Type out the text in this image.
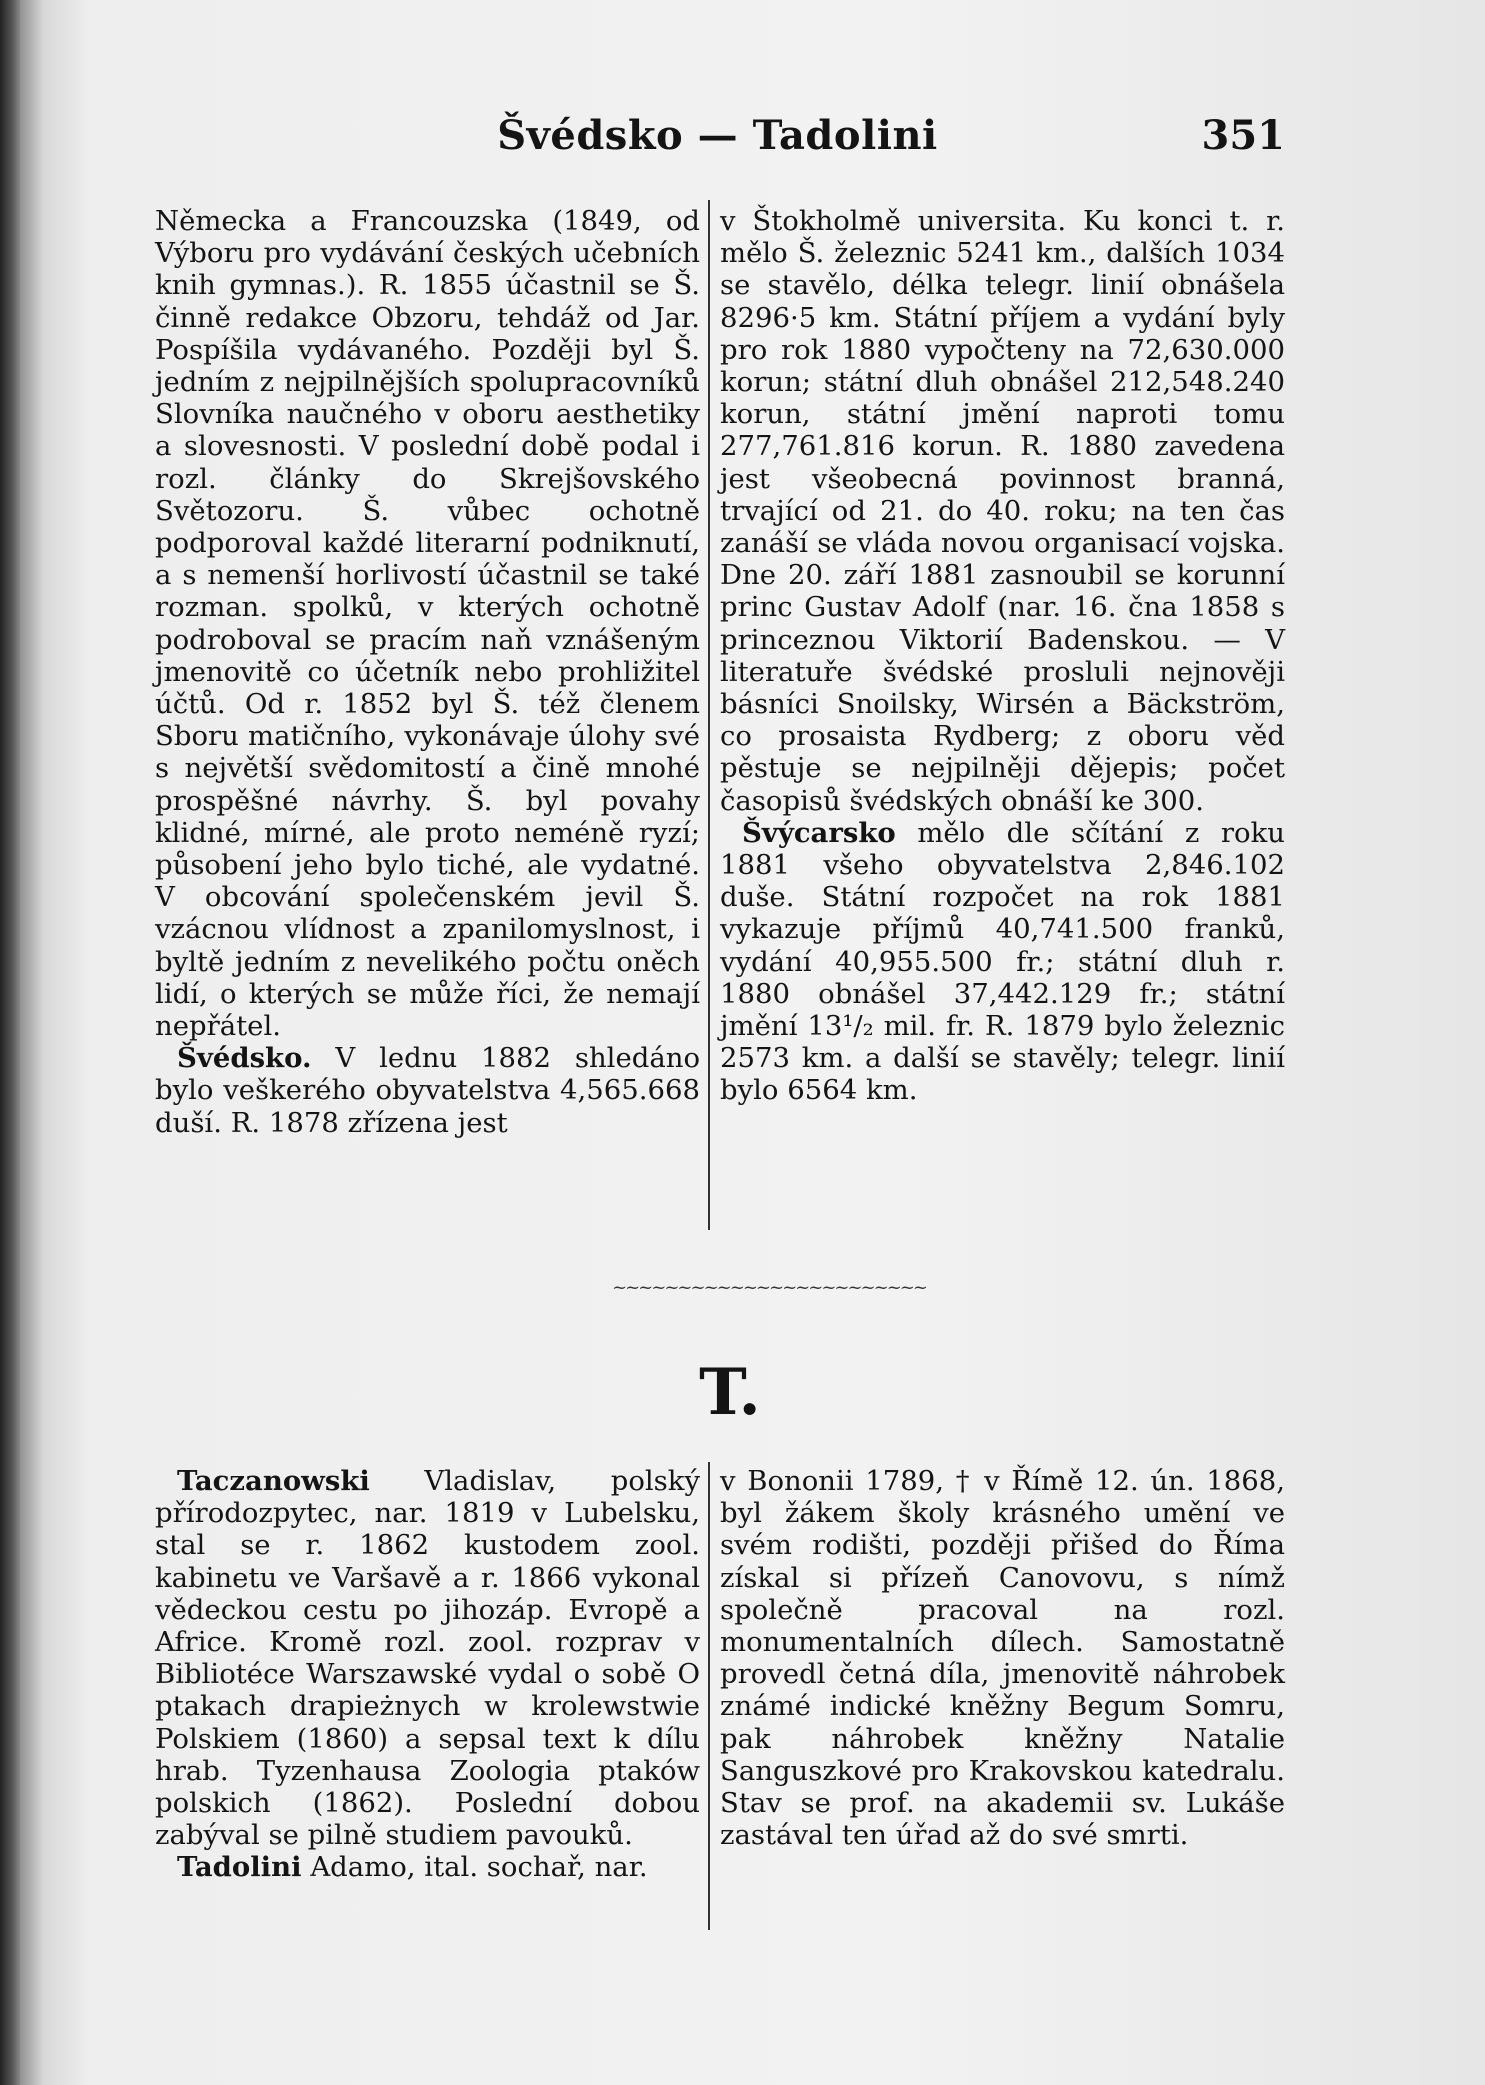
Švédsko — Tadolini	351

Německa a Francouzska (1849, od Výboru pro vydávání českých učebních knih gymnas.). R. 1855 účastnil se Š. činně redakce Obzoru, tehdáž od Jar. Pospíšila vydávaného. Později byl Š. jedním z nejpilnějších spolupracovníků Slovníka naučného v oboru aesthetiky a slovesnosti. V poslední době podal i rozl. články do Skrejšovského Světozoru. Š. vůbec ochotně podporoval každé literarní podniknutí, a s nemenší horlivostí účastnil se také rozman. spolků, v kterých ochotně podroboval se pracím naň vznášeným jmenovitě co účetník nebo prohližitel účtů. Od r. 1852 byl Š. též členem Sboru matičního, vykonávaje úlohy své s největší svědomitostí a čině mnohé prospěšné návrhy. Š. byl povahy klidné, mírné, ale proto neméně ryzí; působení jeho bylo tiché, ale vydatné. V obcování společenském jevil Š. vzácnou vlídnost a zpanilomyslnost, i byltě jedním z nevelikého počtu oněch lidí, o kterých se může říci, že nemají nepřátel.

Švédsko. V lednu 1882 shledáno bylo veškerého obyvatelstva 4,565.668 duší. R. 1878 zřízena jest

v Štokholmě universita. Ku konci t. r. mělo Š. železnic 5241 km., dalších 1034 se stavělo, délka telegr. linií obnášela 8296·5 km. Státní příjem a vydání byly pro rok 1880 vypočteny na 72,630.000 korun; státní dluh obnášel 212,548.240 korun, státní jmění naproti tomu 277,761.816 korun. R. 1880 zavedena jest všeobecná povinnost branná, trvající od 21. do 40. roku; na ten čas zanáší se vláda novou organisací vojska. Dne 20. září 1881 zasnoubil se korunní princ Gustav Adolf (nar. 16. čna 1858 s princeznou Viktorií Badenskou. — V literatuře švédské prosluli nejnověji básníci Snoilsky, Wirsén a Bäckström, co prosaista Rydberg; z oboru věd pěstuje se nejpilněji dějepis; počet časopisů švédských obnáší ke 300.

Švýcarsko mělo dle sčítání z roku 1881 všeho obyvatelstva 2,846.102 duše. Státní rozpočet na rok 1881 vykazuje příjmů 40,741.500 franků, vydání 40,955.500 fr.; státní dluh r. 1880 obnášel 37,442.129 fr.; státní jmění 13¹/₂ mil. fr. R. 1879 bylo železnic 2573 km. a další se stavěly; telegr. linií bylo 6564 km.

~~~~~~~~~~~~~~~~~~~~~~~~
T.

Taczanowski Vladislav, polský přírodozpytec, nar. 1819 v Lubelsku, stal se r. 1862 kustodem zool. kabinetu ve Varšavě a r. 1866 vykonal vědeckou cestu po jihozáp. Evropě a Africe. Kromě rozl. zool. rozprav v Bibliotéce Warszawské vydal o sobě O ptakach drapieżnych w krolewstwie Polskiem (1860) a sepsal text k dílu hrab. Tyzenhausa Zoologia ptaków polskich (1862). Poslední dobou zabýval se pilně studiem pavouků.

Tadolini Adamo, ital. sochař, nar.

v Bononii 1789, † v Římě 12. ún. 1868, byl žákem školy krásného umění ve svém rodišti, později přišed do Říma získal si přízeň Canovovu, s nímž společně pracoval na rozl. monumentalních dílech. Samostatně provedl četná díla, jmenovitě náhrobek známé indické kněžny Begum Somru, pak náhrobek kněžny Natalie Sanguszkové pro Krakovskou katedralu. Stav se prof. na akademii sv. Lukáše zastával ten úřad až do své smrti.
